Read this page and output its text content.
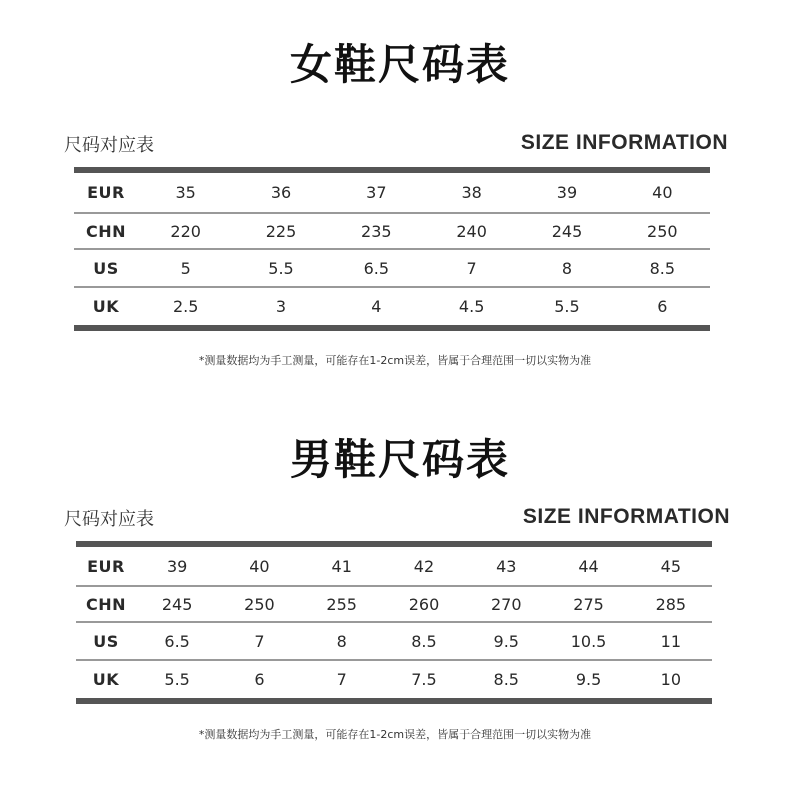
女鞋尺码表
尺码对应表	SIZE INFORMATION
EUR	35	36	37	38	39	40
CHN	220	225	235	240	245	250
US	5	5.5	6.5	7	8	8.5
UK	2.5	3	4	4.5	5.5	6
*测量数据均为手工测量，可能存在1-2cm误差，皆属于合理范围一切以实物为准
男鞋尺码表
尺码对应表	SIZE INFORMATION
EUR	39	40	41	42	43	44	45
CHN	245	250	255	260	270	275	285
US	6.5	7	8	8.5	9.5	10.5	11
UK	5.5	6	7	7.5	8.5	9.5	10
*测量数据均为手工测量，可能存在1-2cm误差，皆属于合理范围一切以实物为准
